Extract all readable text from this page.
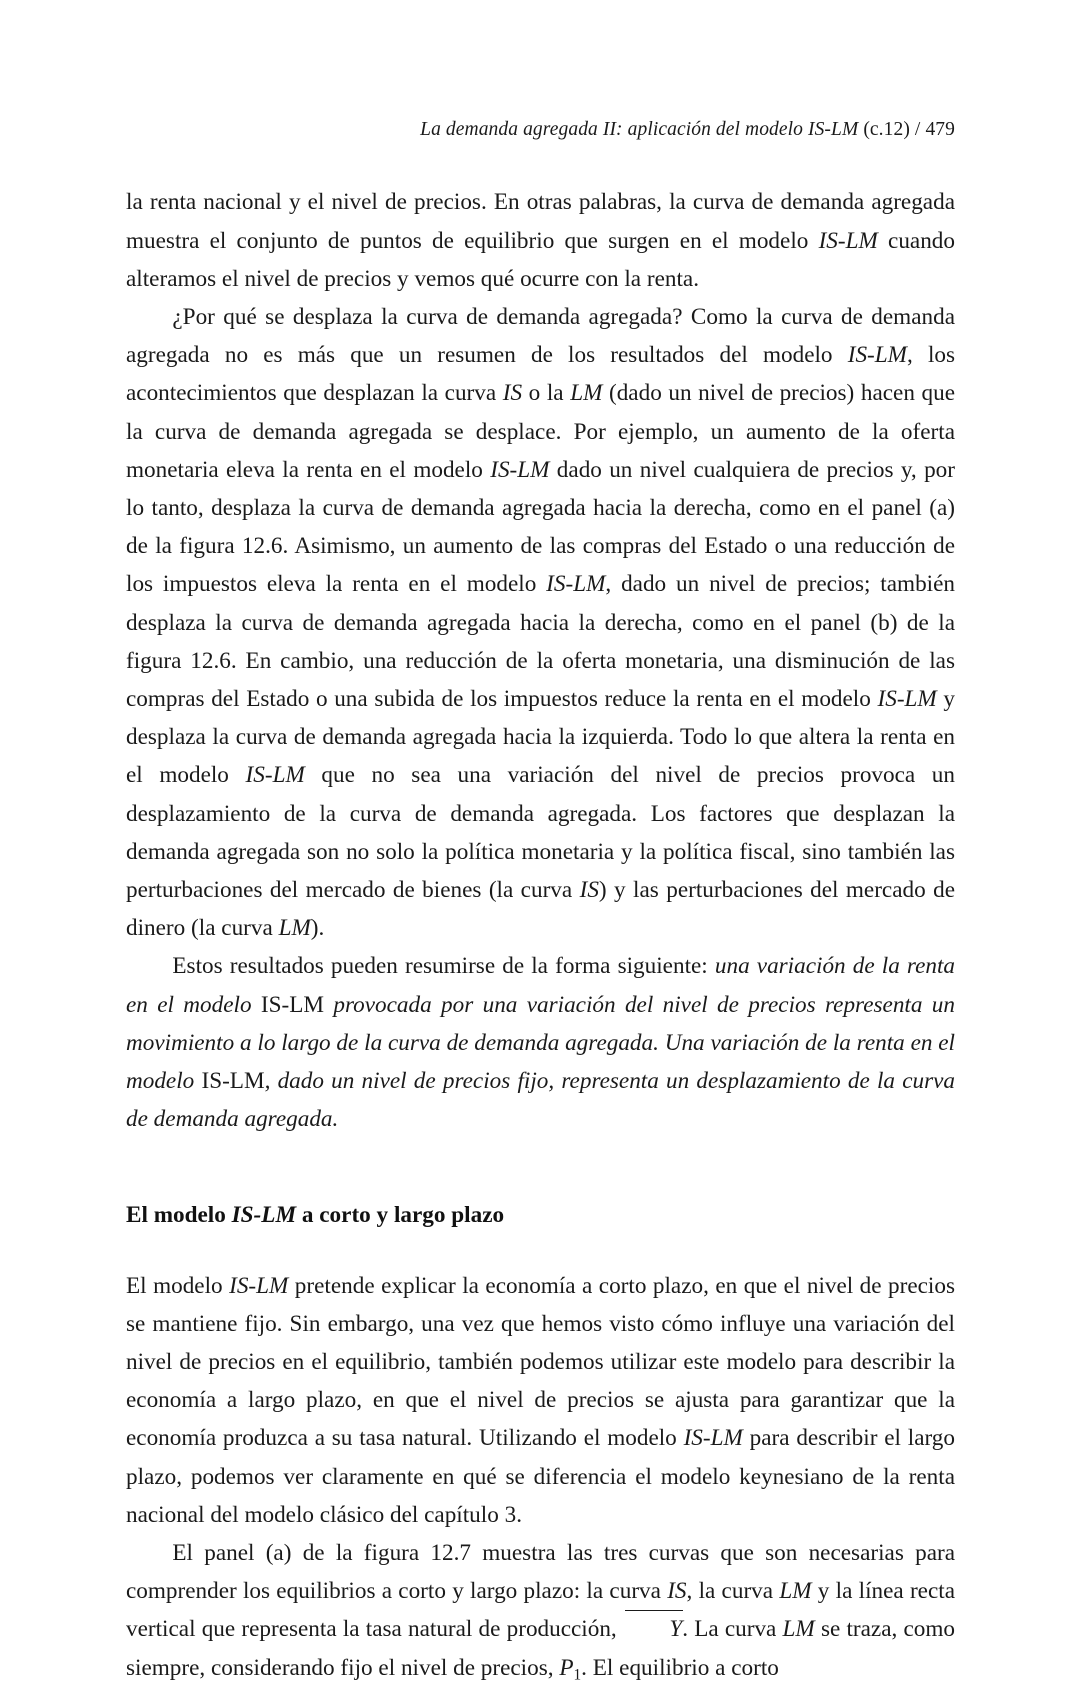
La demanda agregada II: aplicación del modelo IS-LM (c.12) / 479

la renta nacional y el nivel de precios. En otras palabras, la curva de demanda agregada muestra el conjunto de puntos de equilibrio que surgen en el modelo IS-LM cuando alteramos el nivel de precios y vemos qué ocurre con la renta.

¿Por qué se desplaza la curva de demanda agregada? Como la curva de demanda agregada no es más que un resumen de los resultados del modelo IS-LM, los acontecimientos que desplazan la curva IS o la LM (dado un nivel de precios) hacen que la curva de demanda agregada se desplace. Por ejemplo, un aumento de la oferta monetaria eleva la renta en el modelo IS-LM dado un nivel cualquiera de precios y, por lo tanto, desplaza la curva de demanda agregada hacia la derecha, como en el panel (a) de la figura 12.6. Asimismo, un aumento de las compras del Estado o una reducción de los impuestos eleva la renta en el modelo IS-LM, dado un nivel de precios; también desplaza la curva de demanda agregada hacia la derecha, como en el panel (b) de la figura 12.6. En cambio, una reducción de la oferta monetaria, una disminución de las compras del Estado o una subida de los impuestos reduce la renta en el modelo IS-LM y desplaza la curva de demanda agregada hacia la izquierda. Todo lo que altera la renta en el modelo IS-LM que no sea una variación del nivel de precios provoca un desplazamiento de la curva de demanda agregada. Los factores que desplazan la demanda agregada son no solo la política monetaria y la política fiscal, sino también las perturbaciones del mercado de bienes (la curva IS) y las perturbaciones del mercado de dinero (la curva LM).

Estos resultados pueden resumirse de la forma siguiente: una variación de la renta en el modelo IS-LM provocada por una variación del nivel de precios representa un movimiento a lo largo de la curva de demanda agregada. Una variación de la renta en el modelo IS-LM, dado un nivel de precios fijo, representa un desplazamiento de la curva de demanda agregada.

El modelo IS-LM a corto y largo plazo

El modelo IS-LM pretende explicar la economía a corto plazo, en que el nivel de precios se mantiene fijo. Sin embargo, una vez que hemos visto cómo influye una variación del nivel de precios en el equilibrio, también podemos utilizar este modelo para describir la economía a largo plazo, en que el nivel de precios se ajusta para garantizar que la economía produzca a su tasa natural. Utilizando el modelo IS-LM para describir el largo plazo, podemos ver claramente en qué se diferencia el modelo keynesiano de la renta nacional del modelo clásico del capítulo 3.

El panel (a) de la figura 12.7 muestra las tres curvas que son necesarias para comprender los equilibrios a corto y largo plazo: la curva IS, la curva LM y la línea recta vertical que representa la tasa natural de producción, Y. La curva LM se traza, como siempre, considerando fijo el nivel de precios, $P_1$. El equilibrio a corto
